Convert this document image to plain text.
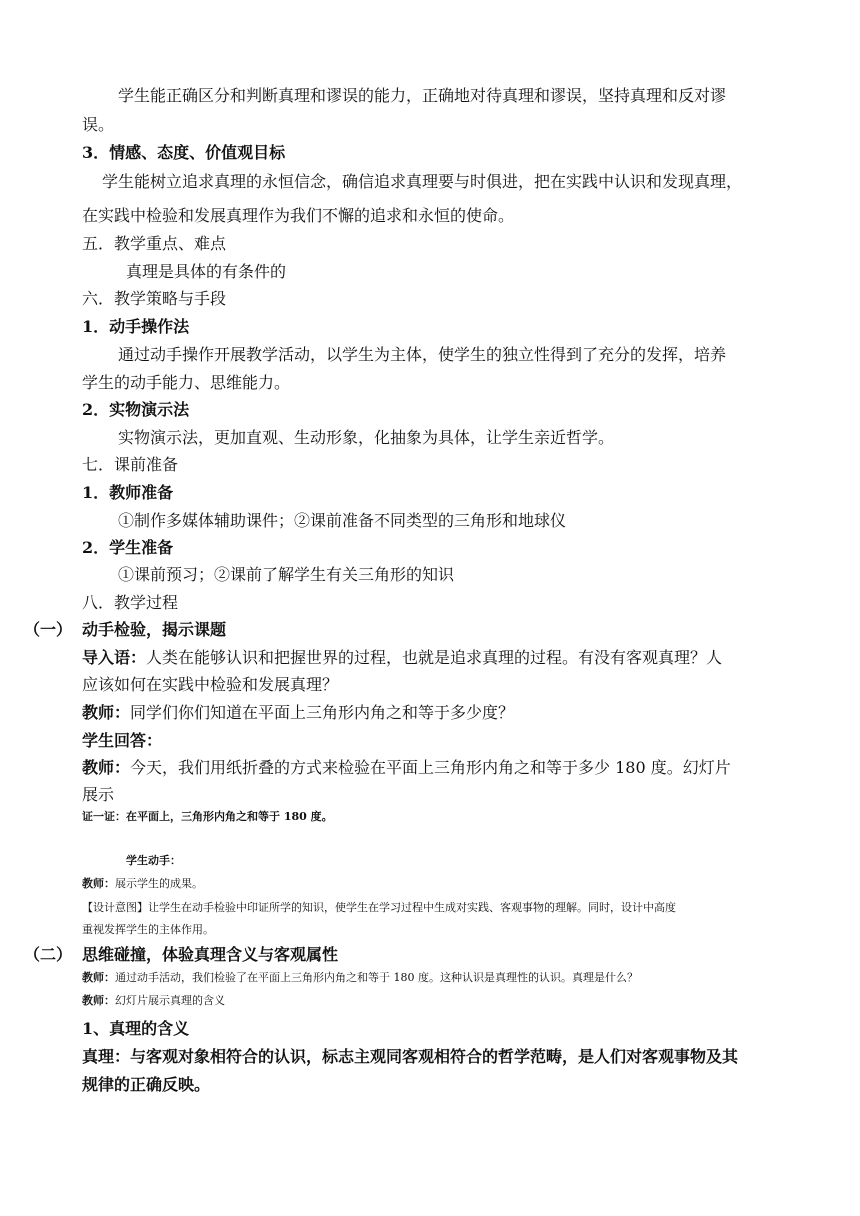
学生能正确区分和判断真理和谬误的能力，正确地对待真理和谬误，坚持真理和反对谬
误。
3．情感、态度、价值观目标
学生能树立追求真理的永恒信念，确信追求真理要与时俱进，把在实践中认识和发现真理，
在实践中检验和发展真理作为我们不懈的追求和永恒的使命。
五．教学重点、难点
真理是具体的有条件的
六．教学策略与手段
1．动手操作法
通过动手操作开展教学活动，以学生为主体，使学生的独立性得到了充分的发挥，培养
学生的动手能力、思维能力。
2．实物演示法
实物演示法，更加直观、生动形象，化抽象为具体，让学生亲近哲学。
七．课前准备
1．教师准备
①制作多媒体辅助课件；②课前准备不同类型的三角形和地球仪
2．学生准备
①课前预习；②课前了解学生有关三角形的知识
八．教学过程
（一） 动手检验，揭示课题
导入语：人类在能够认识和把握世界的过程，也就是追求真理的过程。有没有客观真理？人
应该如何在实践中检验和发展真理？
教师：同学们你们知道在平面上三角形内角之和等于多少度？
学生回答：
教师：今天，我们用纸折叠的方式来检验在平面上三角形内角之和等于多少 180 度。幻灯片
展示
证一证：在平面上，三角形内角之和等于 180 度。
学生动手：
教师：展示学生的成果。
【设计意图】让学生在动手检验中印证所学的知识，使学生在学习过程中生成对实践、客观事物的理解。同时，设计中高度
重视发挥学生的主体作用。
（二） 思维碰撞，体验真理含义与客观属性
教师：通过动手活动，我们检验了在平面上三角形内角之和等于 180 度。这种认识是真理性的认识。真理是什么？
教师：幻灯片展示真理的含义
1、真理的含义
真理：与客观对象相符合的认识，标志主观同客观相符合的哲学范畴，是人们对客观事物及其
规律的正确反映。
